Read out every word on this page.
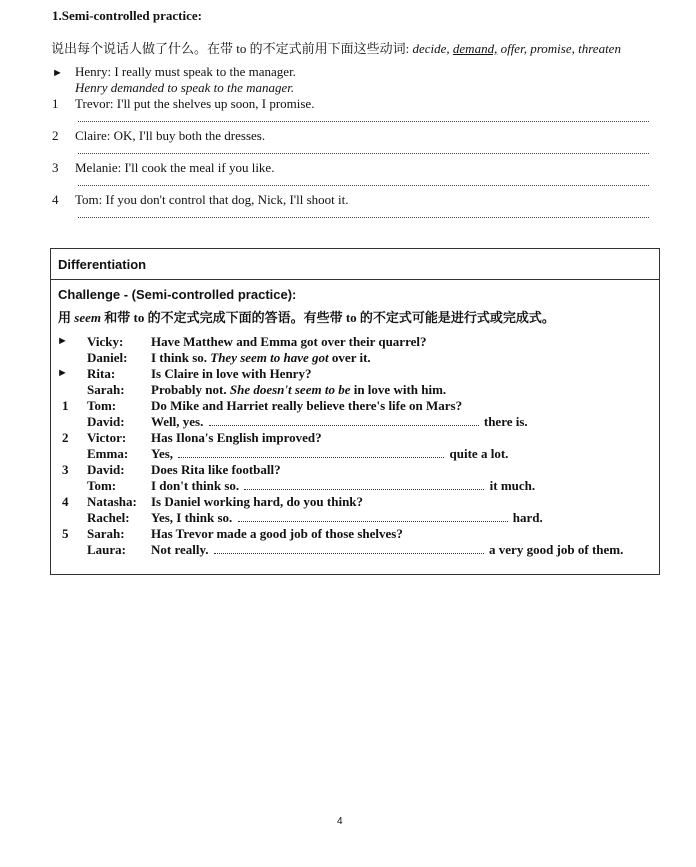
1.Semi-controlled practice:
说出每个说话人做了什么。在带 to 的不定式前用下面这些动词: decide, demand, offer, promise, threaten
► Henry: I really must speak to the manager.
Henry demanded to speak to the manager.
1 Trevor: I'll put the shelves up soon, I promise.
2 Claire: OK, I'll buy both the dresses.
3 Melanie: I'll cook the meal if you like.
4 Tom: If you don't control that dog, Nick, I'll shoot it.
Differentiation
Challenge - (Semi-controlled practice):
用 seem 和带 to 的不定式完成下面的答语。有些带 to 的不定式可能是进行式或完成式。
► Vicky: Have Matthew and Emma got over their quarrel?
Daniel: I think so. They seem to have got over it.
► Rita:	Is Claire in love with Henry?
Sarah: Probably not. She doesn't seem to be in love with him.
1 Tom:	Do Mike and Harriet really believe there's life on Mars?
David: Well, yes.	there is.
2 Victor: Has Ilona's English improved?
Emma: Yes,	quite a lot.
3 David: Does Rita like football?
Tom:	I don't think so.	it much.
4 Natasha: Is Daniel working hard, do you think?
Rachel: Yes, I think so.	hard.
5 Sarah: Has Trevor made a good job of those shelves?
Laura: Not really.	a very good job of them.
4
